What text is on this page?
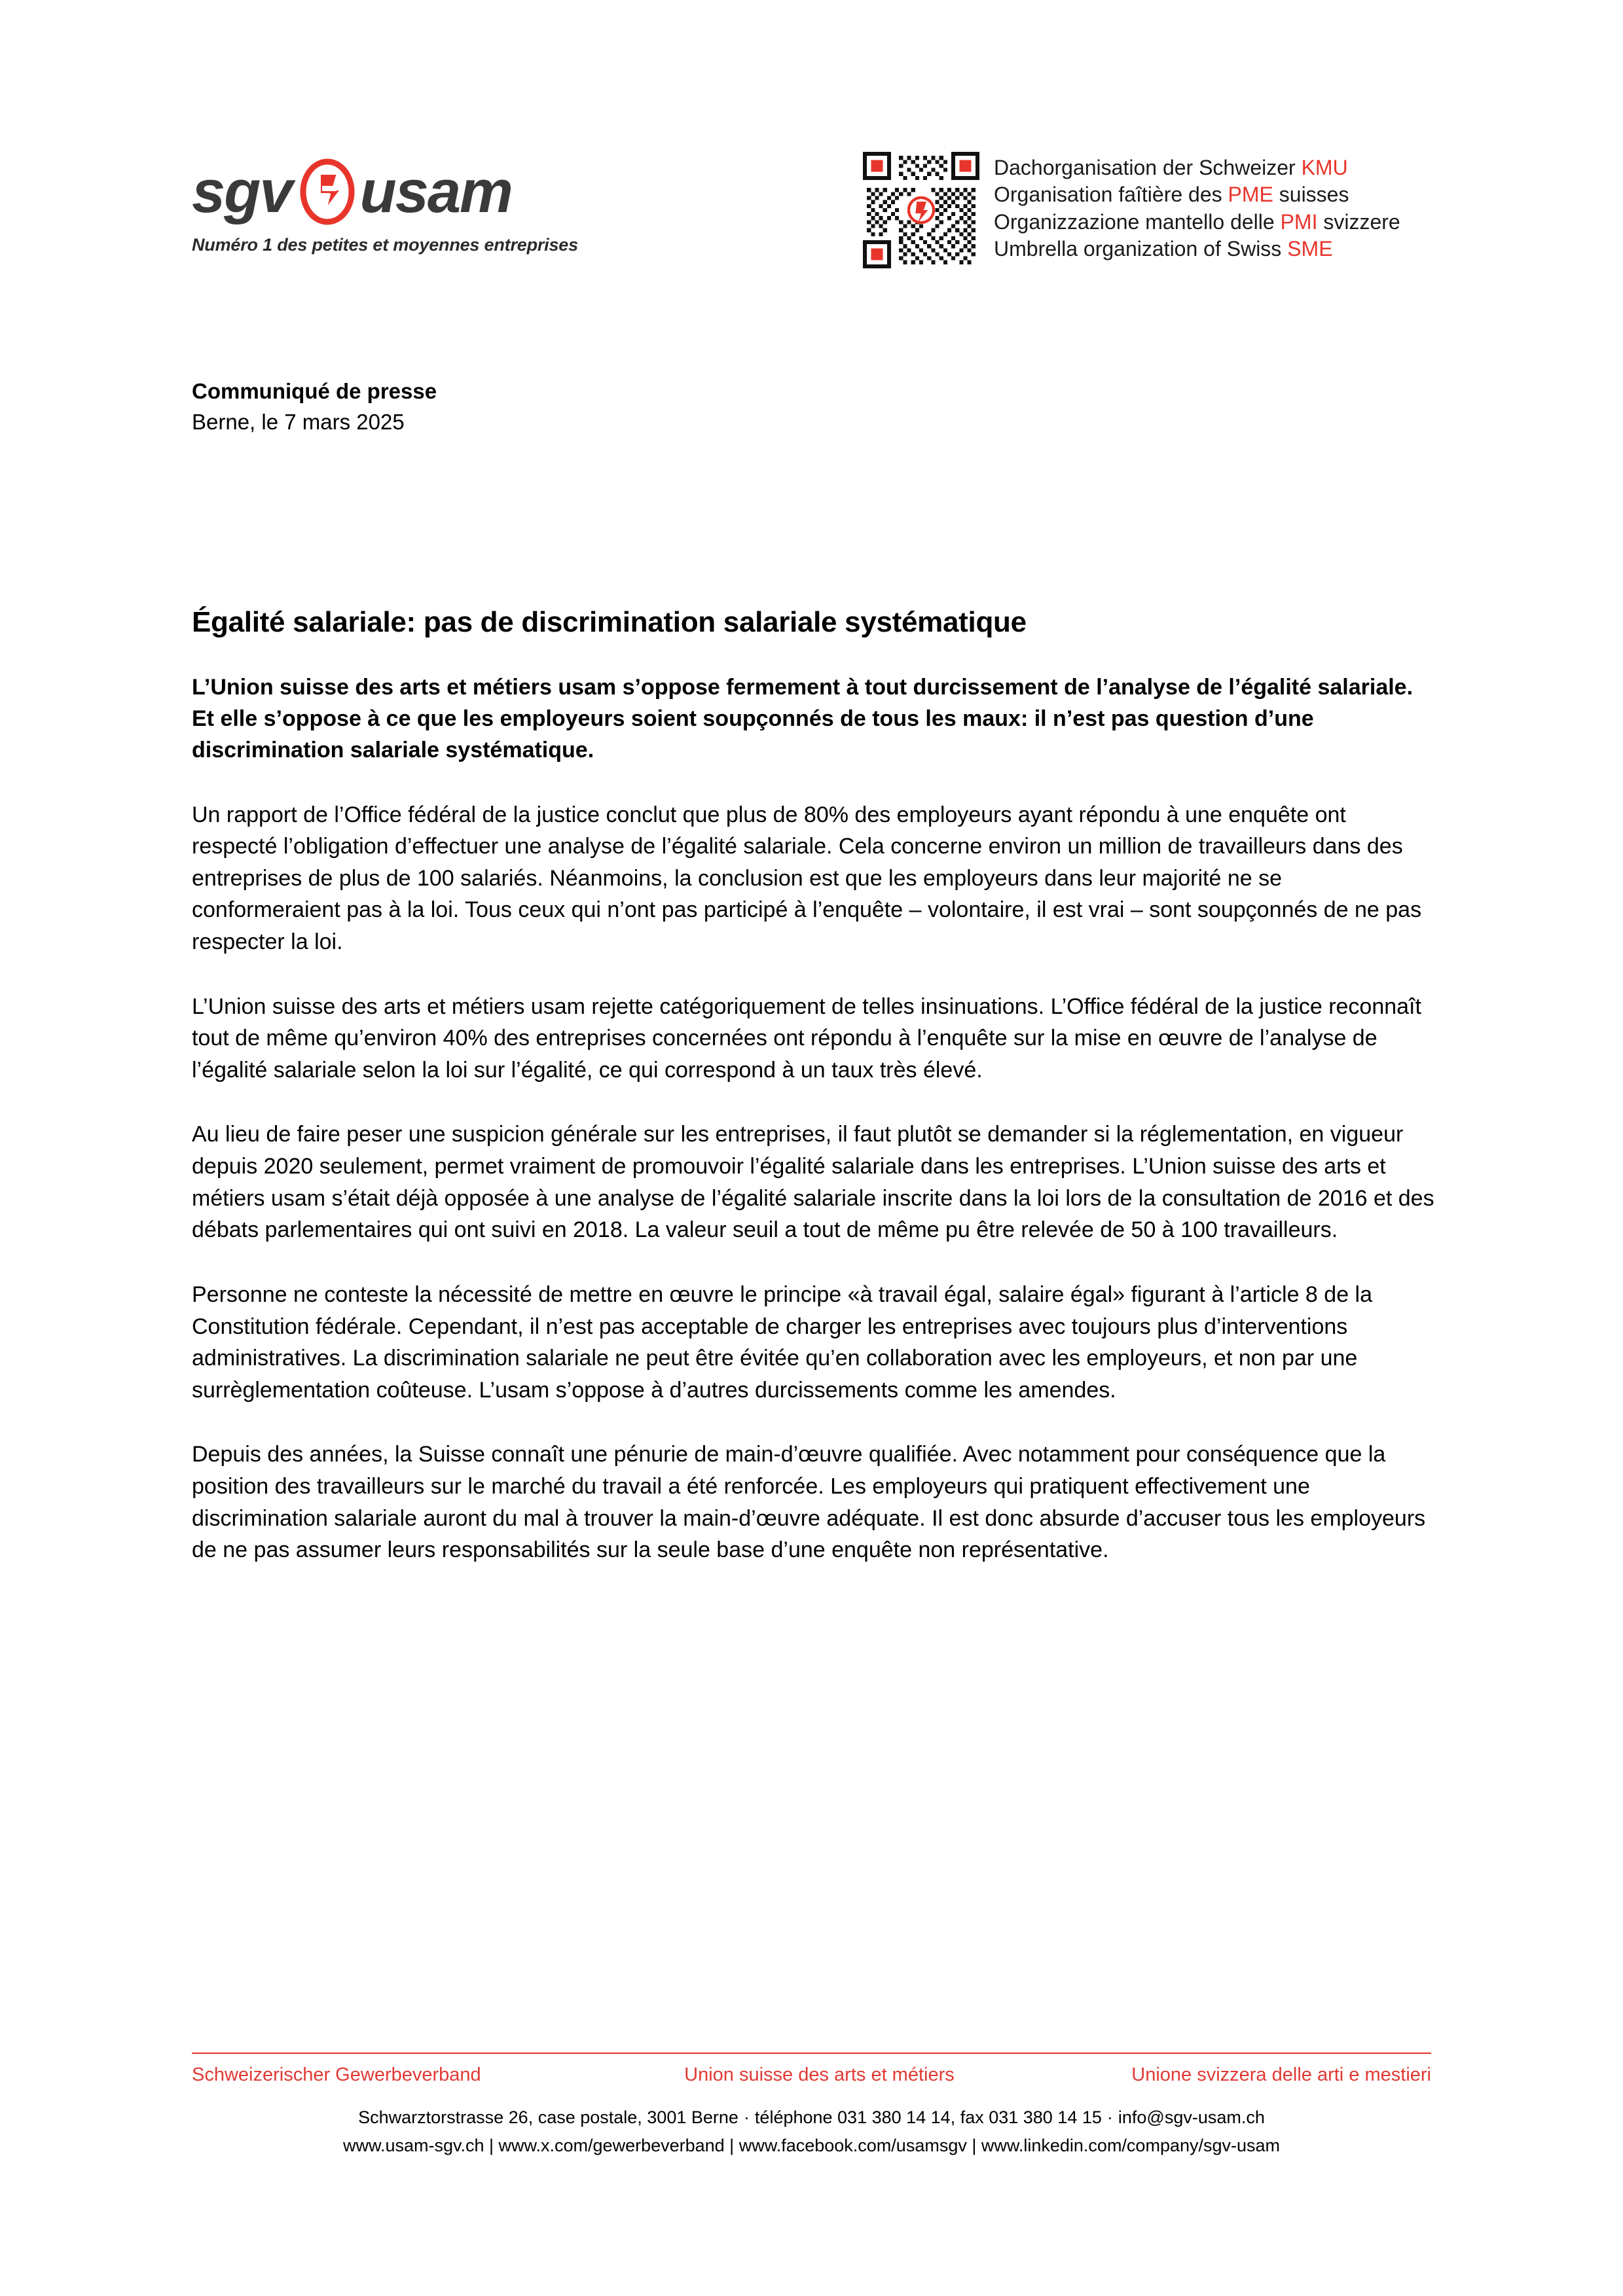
sgv usam
Numéro 1 des petites et moyennes entreprises
Dachorganisation der Schweizer KMU
Organisation faîtière des PME suisses
Organizzazione mantello delle PMI svizzere
Umbrella organization of Swiss SME
Communiqué de presse
Berne, le 7 mars 2025
Égalité salariale: pas de discrimination salariale systématique

L’Union suisse des arts et métiers usam s’oppose fermement à tout durcissement de l’analyse de l’égalité salariale. Et elle s’oppose à ce que les employeurs soient soupçonnés de tous les maux: il n’est pas question d’une discrimination salariale systématique.

Un rapport de l’Office fédéral de la justice conclut que plus de 80% des employeurs ayant répondu à une enquête ont respecté l’obligation d’effectuer une analyse de l’égalité salariale. Cela concerne environ un million de travailleurs dans des entreprises de plus de 100 salariés. Néanmoins, la conclusion est que les employeurs dans leur majorité ne se conformeraient pas à la loi. Tous ceux qui n’ont pas participé à l’enquête – volontaire, il est vrai – sont soupçonnés de ne pas respecter la loi.

L’Union suisse des arts et métiers usam rejette catégoriquement de telles insinuations. L’Office fédéral de la justice reconnaît tout de même qu’environ 40% des entreprises concernées ont répondu à l’enquête sur la mise en œuvre de l’analyse de l’égalité salariale selon la loi sur l’égalité, ce qui correspond à un taux très élevé.

Au lieu de faire peser une suspicion générale sur les entreprises, il faut plutôt se demander si la réglementation, en vigueur depuis 2020 seulement, permet vraiment de promouvoir l’égalité salariale dans les entreprises. L’Union suisse des arts et métiers usam s’était déjà opposée à une analyse de l’égalité salariale inscrite dans la loi lors de la consultation de 2016 et des débats parlementaires qui ont suivi en 2018. La valeur seuil a tout de même pu être relevée de 50 à 100 travailleurs.

Personne ne conteste la nécessité de mettre en œuvre le principe «à travail égal, salaire égal» figurant à l’article 8 de la Constitution fédérale. Cependant, il n’est pas acceptable de charger les entreprises avec toujours plus d’interventions administratives. La discrimination salariale ne peut être évitée qu’en collaboration avec les employeurs, et non par une surrèglementation coûteuse. L’usam s’oppose à d’autres durcissements comme les amendes.

Depuis des années, la Suisse connaît une pénurie de main-d’œuvre qualifiée. Avec notamment pour conséquence que la position des travailleurs sur le marché du travail a été renforcée. Les employeurs qui pratiquent effectivement une discrimination salariale auront du mal à trouver la main-d’œuvre adéquate. Il est donc absurde d’accuser tous les employeurs de ne pas assumer leurs responsabilités sur la seule base d’une enquête non représentative.

Schweizerischer Gewerbeverband	Union suisse des arts et métiers	Unione svizzera delle arti e mestieri
Schwarztorstrasse 26, case postale, 3001 Berne · téléphone 031 380 14 14, fax 031 380 14 15 · info@sgv-usam.ch
www.usam-sgv.ch | www.x.com/gewerbeverband | www.facebook.com/usamsgv | www.linkedin.com/company/sgv-usam
